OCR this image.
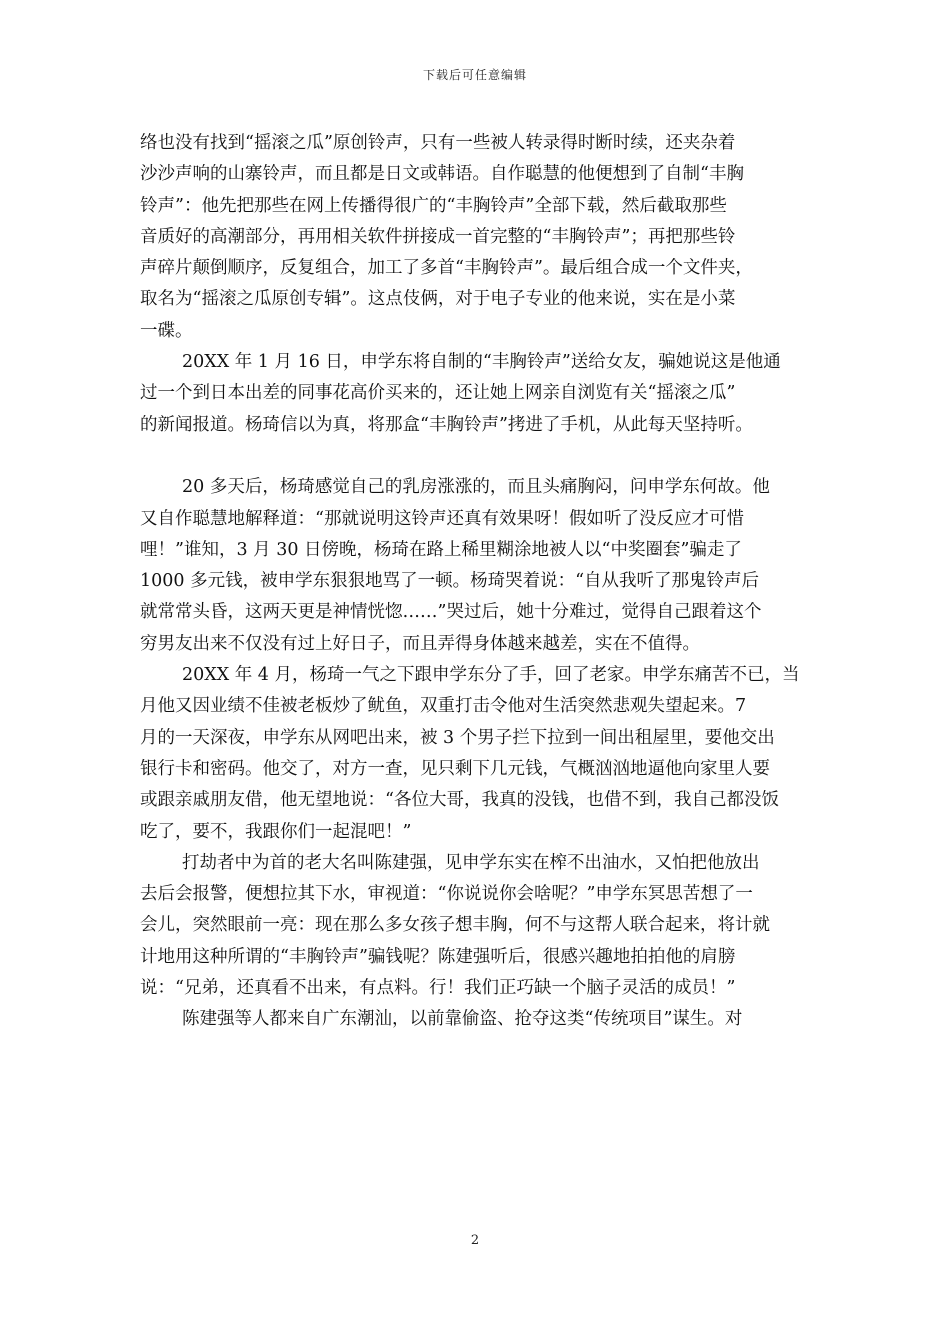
下载后可任意编辑
络也没有找到“摇滚之瓜”原创铃声，只有一些被人转录得时断时续，还夹杂着
沙沙声响的山寨铃声，而且都是日文或韩语。自作聪慧的他便想到了自制“丰胸
铃声”：他先把那些在网上传播得很广的“丰胸铃声”全部下载，然后截取那些
音质好的高潮部分，再用相关软件拼接成一首完整的“丰胸铃声”；再把那些铃
声碎片颠倒顺序，反复组合，加工了多首“丰胸铃声”。最后组合成一个文件夹，
取名为“摇滚之瓜原创专辑”。这点伎俩，对于电子专业的他来说，实在是小菜
一碟。
20XX 年 1 月 16 日，申学东将自制的“丰胸铃声”送给女友，骗她说这是他通
过一个到日本出差的同事花高价买来的，还让她上网亲自浏览有关“摇滚之瓜”
的新闻报道。杨琦信以为真，将那盒“丰胸铃声”拷进了手机，从此每天坚持听。
20 多天后，杨琦感觉自己的乳房涨涨的，而且头痛胸闷，问申学东何故。他
又自作聪慧地解释道：“那就说明这铃声还真有效果呀！假如听了没反应才可惜
哩！”谁知，3 月 30 日傍晚，杨琦在路上稀里糊涂地被人以“中奖圈套”骗走了
1000 多元钱，被申学东狠狠地骂了一顿。杨琦哭着说：“自从我听了那鬼铃声后
就常常头昏，这两天更是神情恍惚……”哭过后，她十分难过，觉得自己跟着这个
穷男友出来不仅没有过上好日子，而且弄得身体越来越差，实在不值得。
20XX 年 4 月，杨琦一气之下跟申学东分了手，回了老家。申学东痛苦不已，当
月他又因业绩不佳被老板炒了鱿鱼，双重打击令他对生活突然悲观失望起来。7
月的一天深夜，申学东从网吧出来，被 3 个男子拦下拉到一间出租屋里，要他交出
银行卡和密码。他交了，对方一查，见只剩下几元钱，气概汹汹地逼他向家里人要
或跟亲戚朋友借，他无望地说：“各位大哥，我真的没钱，也借不到，我自己都没饭
吃了，要不，我跟你们一起混吧！”
打劫者中为首的老大名叫陈建强，见申学东实在榨不出油水，又怕把他放出
去后会报警，便想拉其下水，审视道：“你说说你会啥呢？”申学东冥思苦想了一
会儿，突然眼前一亮：现在那么多女孩子想丰胸，何不与这帮人联合起来，将计就
计地用这种所谓的“丰胸铃声”骗钱呢？陈建强听后，很感兴趣地拍拍他的肩膀
说：“兄弟，还真看不出来，有点料。行！我们正巧缺一个脑子灵活的成员！”
陈建强等人都来自广东潮汕，以前靠偷盗、抢夺这类“传统项目”谋生。对
2
